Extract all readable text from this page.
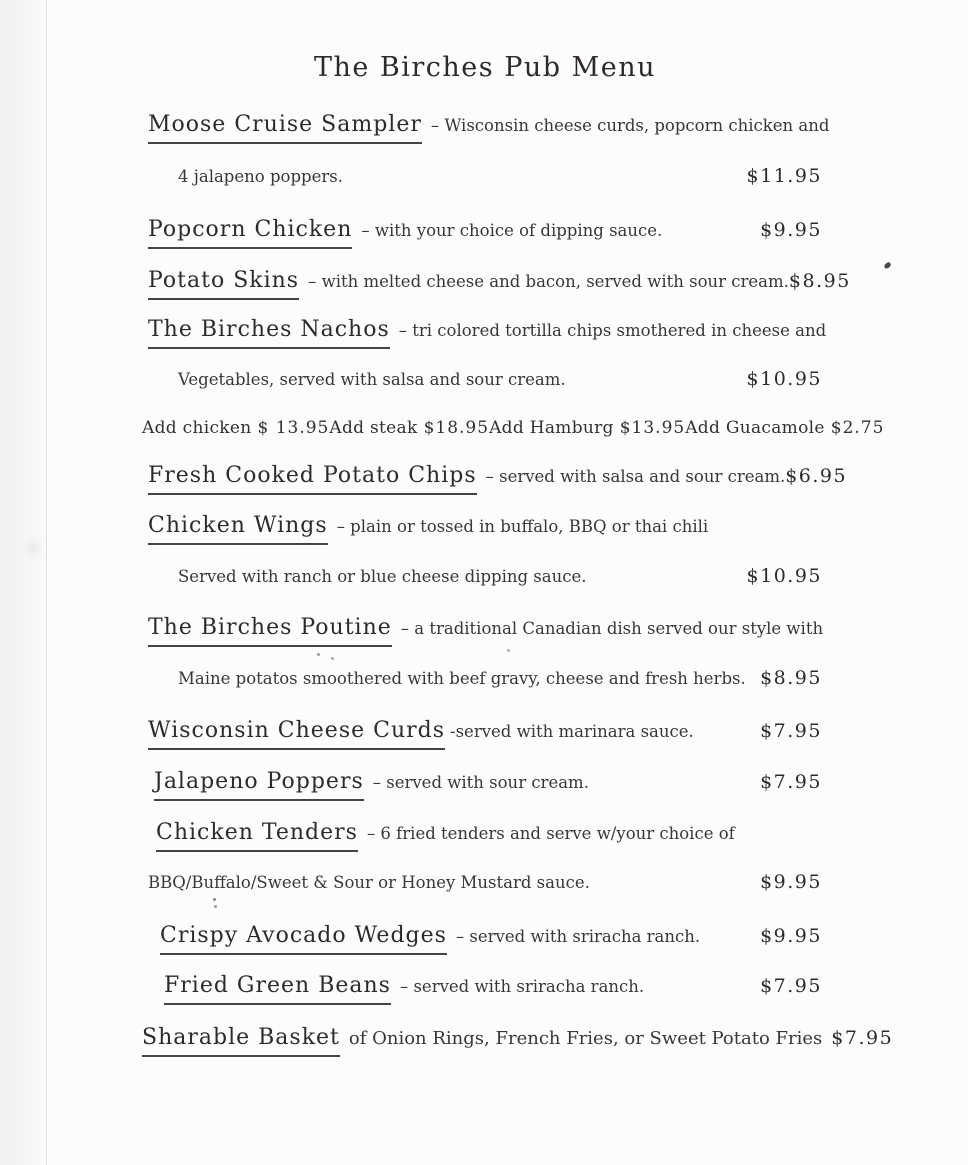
The Birches Pub Menu
Moose Cruise Sampler – Wisconsin cheese curds, popcorn chicken and
4 jalapeno poppers.	$11.95
Popcorn Chicken – with your choice of dipping sauce.	$9.95
Potato Skins – with melted cheese and bacon, served with sour cream. $8.95
The Birches Nachos – tri colored tortilla chips smothered in cheese and
Vegetables, served with salsa and sour cream.	$10.95
Add chicken $ 13.95 Add steak $18.95 Add Hamburg $13.95 Add Guacamole $2.75
Fresh Cooked Potato Chips – served with salsa and sour cream. $6.95
Chicken Wings – plain or tossed in buffalo, BBQ or thai chili
Served with ranch or blue cheese dipping sauce.	$10.95
The Birches Poutine – a traditional Canadian dish served our style with
Maine potatos smoothered with beef gravy, cheese and fresh herbs. $8.95
Wisconsin Cheese Curds -served with marinara sauce.	$7.95
Jalapeno Poppers – served with sour cream.	$7.95
Chicken Tenders – 6 fried tenders and serve w/your choice of
BBQ/Buffalo/Sweet & Sour or Honey Mustard sauce.	$9.95
Crispy Avocado Wedges – served with sriracha ranch.	$9.95
Fried Green Beans – served with sriracha ranch.	$7.95
Sharable Basket of Onion Rings, French Fries, or Sweet Potato Fries $7.95
